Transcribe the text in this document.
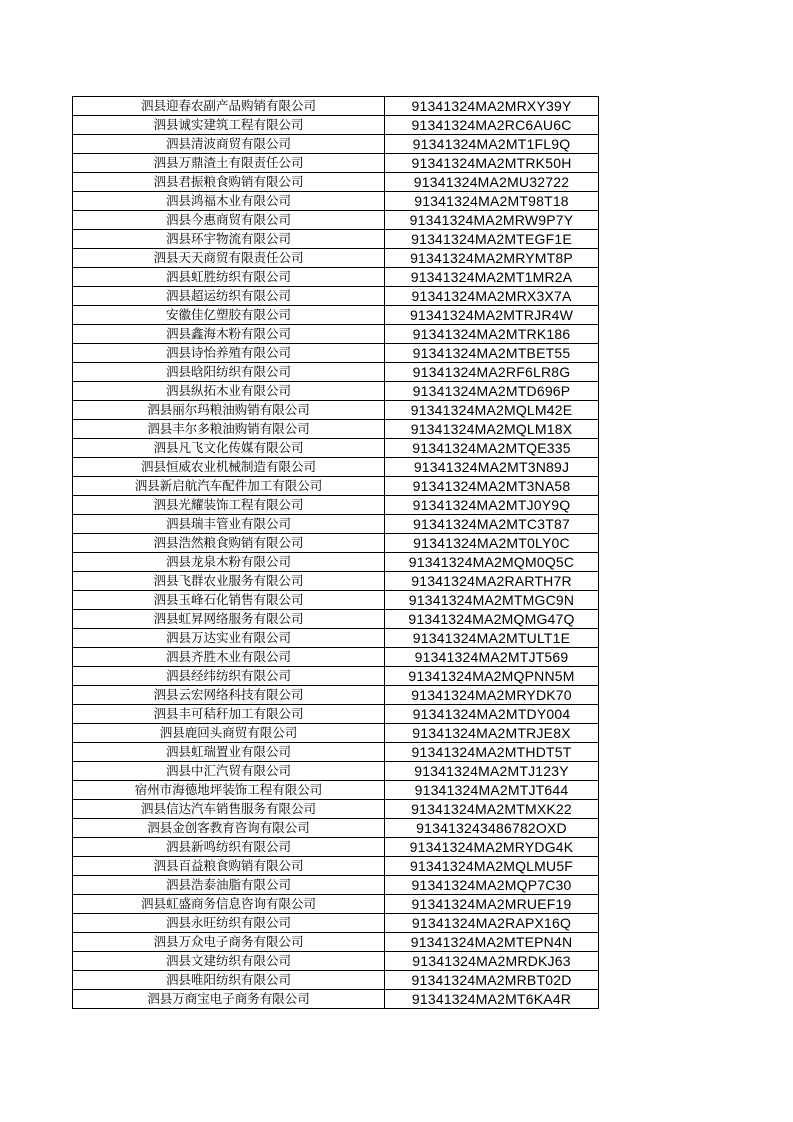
泗县迎春农副产品购销有限公司	91341324MA2MRXY39Y
泗县诚实建筑工程有限公司	91341324MA2RC6AU6C
泗县清波商贸有限公司	91341324MA2MT1FL9Q
泗县万鼎渣土有限责任公司	91341324MA2MTRK50H
泗县君振粮食购销有限公司	91341324MA2MU32722
泗县鸿福木业有限公司	91341324MA2MT98T18
泗县今惠商贸有限公司	91341324MA2MRW9P7Y
泗县环宇物流有限公司	91341324MA2MTEGF1E
泗县天天商贸有限责任公司	91341324MA2MRYMT8P
泗县虹胜纺织有限公司	91341324MA2MT1MR2A
泗县超运纺织有限公司	91341324MA2MRX3X7A
安徽佳亿塑胶有限公司	91341324MA2MTRJR4W
泗县鑫海木粉有限公司	91341324MA2MTRK186
泗县诗怡养殖有限公司	91341324MA2MTBET55
泗县晗阳纺织有限公司	91341324MA2RF6LR8G
泗县纵拓木业有限公司	91341324MA2MTD696P
泗县丽尔玛粮油购销有限公司	91341324MA2MQLM42E
泗县丰尔多粮油购销有限公司	91341324MA2MQLM18X
泗县凡飞文化传媒有限公司	91341324MA2MTQE335
泗县恒威农业机械制造有限公司	91341324MA2MT3N89J
泗县新启航汽车配件加工有限公司	91341324MA2MT3NA58
泗县光耀装饰工程有限公司	91341324MA2MTJ0Y9Q
泗县瑞丰管业有限公司	91341324MA2MTC3T87
泗县浩然粮食购销有限公司	91341324MA2MT0LY0C
泗县龙泉木粉有限公司	91341324MA2MQM0Q5C
泗县飞群农业服务有限公司	91341324MA2RARTH7R
泗县玉峰石化销售有限公司	91341324MA2MTMGC9N
泗县虹昇网络服务有限公司	91341324MA2MQMG47Q
泗县万达实业有限公司	91341324MA2MTULT1E
泗县齐胜木业有限公司	91341324MA2MTJT569
泗县经纬纺织有限公司	91341324MA2MQPNN5M
泗县云宏网络科技有限公司	91341324MA2MRYDK70
泗县丰可秸秆加工有限公司	91341324MA2MTDY004
泗县鹿回头商贸有限公司	91341324MA2MTRJE8X
泗县虹瑞置业有限公司	91341324MA2MTHDT5T
泗县中汇汽贸有限公司	91341324MA2MTJ123Y
宿州市海德地坪装饰工程有限公司	91341324MA2MTJT644
泗县信达汽车销售服务有限公司	91341324MA2MTMXK22
泗县金创客教育咨询有限公司	913413243486782OXD
泗县新鸣纺织有限公司	91341324MA2MRYDG4K
泗县百益粮食购销有限公司	91341324MA2MQLMU5F
泗县浩泰油脂有限公司	91341324MA2MQP7C30
泗县虹盛商务信息咨询有限公司	91341324MA2MRUEF19
泗县永旺纺织有限公司	91341324MA2RAPX16Q
泗县万众电子商务有限公司	91341324MA2MTEPN4N
泗县文建纺织有限公司	91341324MA2MRDKJ63
泗县唯阳纺织有限公司	91341324MA2MRBT02D
泗县万商宝电子商务有限公司	91341324MA2MT6KA4R
